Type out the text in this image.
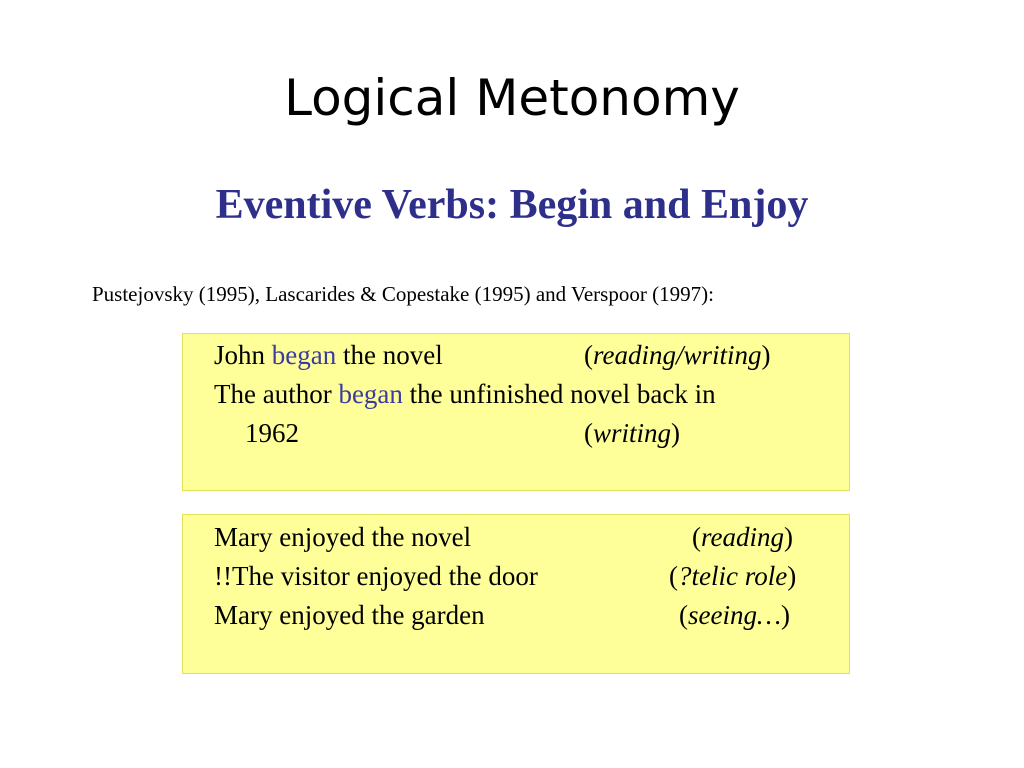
Logical Metonomy
Eventive Verbs: Begin and Enjoy
Pustejovsky (1995), Lascarides & Copestake (1995) and Verspoor (1997):
John began the novel	(reading/writing)
The author began the unfinished novel back in
1962	(writing)
Mary enjoyed the novel	(reading)
!!The visitor enjoyed the door	(?telic role)
Mary enjoyed the garden	(seeing…)
